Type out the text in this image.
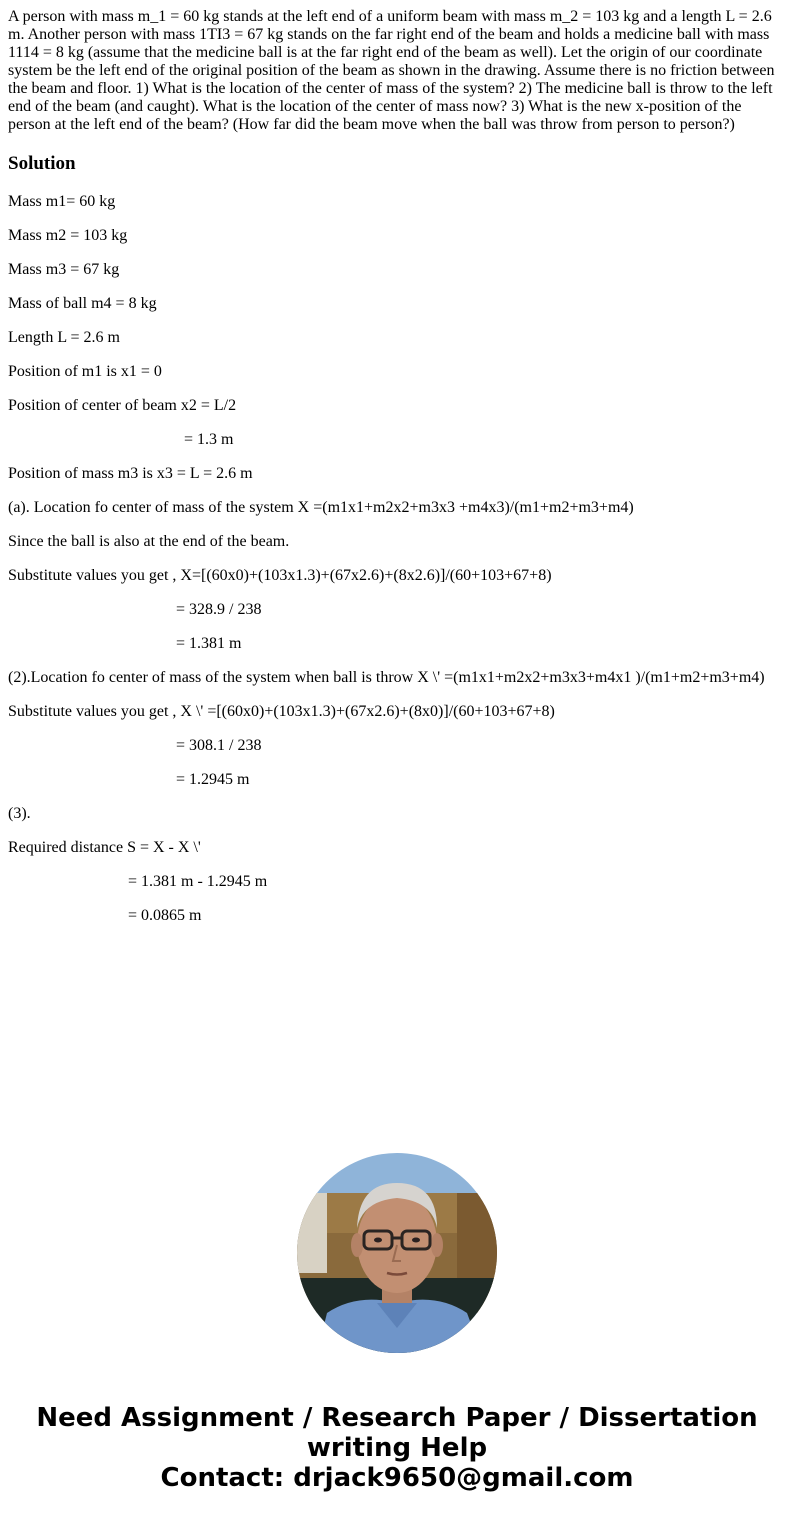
A person with mass m_1 = 60 kg stands at the left end of a uniform beam with mass m_2 = 103 kg and a length L = 2.6 m. Another person with mass 1TI3 = 67 kg stands on the far right end of the beam and holds a medicine ball with mass 1114 = 8 kg (assume that the medicine ball is at the far right end of the beam as well). Let the origin of our coordinate system be the left end of the original position of the beam as shown in the drawing. Assume there is no friction between the beam and floor. 1) What is the location of the center of mass of the system? 2) The medicine ball is throw to the left end of the beam (and caught). What is the location of the center of mass now? 3) What is the new x-position of the person at the left end of the beam? (How far did the beam move when the ball was throw from person to person?)

Solution

Mass m1= 60 kg

Mass m2 = 103 kg

Mass m3 = 67 kg

Mass of ball m4 = 8 kg

Length L = 2.6 m

Position of m1 is x1 = 0

Position of center of beam x2 = L/2

= 1.3 m

Position of mass m3 is x3 = L = 2.6 m

(a). Location fo center of mass of the system X =(m1x1+m2x2+m3x3 +m4x3)/(m1+m2+m3+m4)

Since the ball is also at the end of the beam.

Substitute values you get , X=[(60x0)+(103x1.3)+(67x2.6)+(8x2.6)]/(60+103+67+8)

= 328.9 / 238

= 1.381 m

(2).Location fo center of mass of the system when ball is throw X \' =(m1x1+m2x2+m3x3+m4x1 )/(m1+m2+m3+m4)

Substitute values you get , X \' =[(60x0)+(103x1.3)+(67x2.6)+(8x0)]/(60+103+67+8)

= 308.1 / 238

= 1.2945 m

(3).

Required distance S = X - X \'

= 1.381 m - 1.2945 m

= 0.0865 m

Need Assignment / Research Paper / Dissertation
writing Help
Contact: drjack9650@gmail.com
